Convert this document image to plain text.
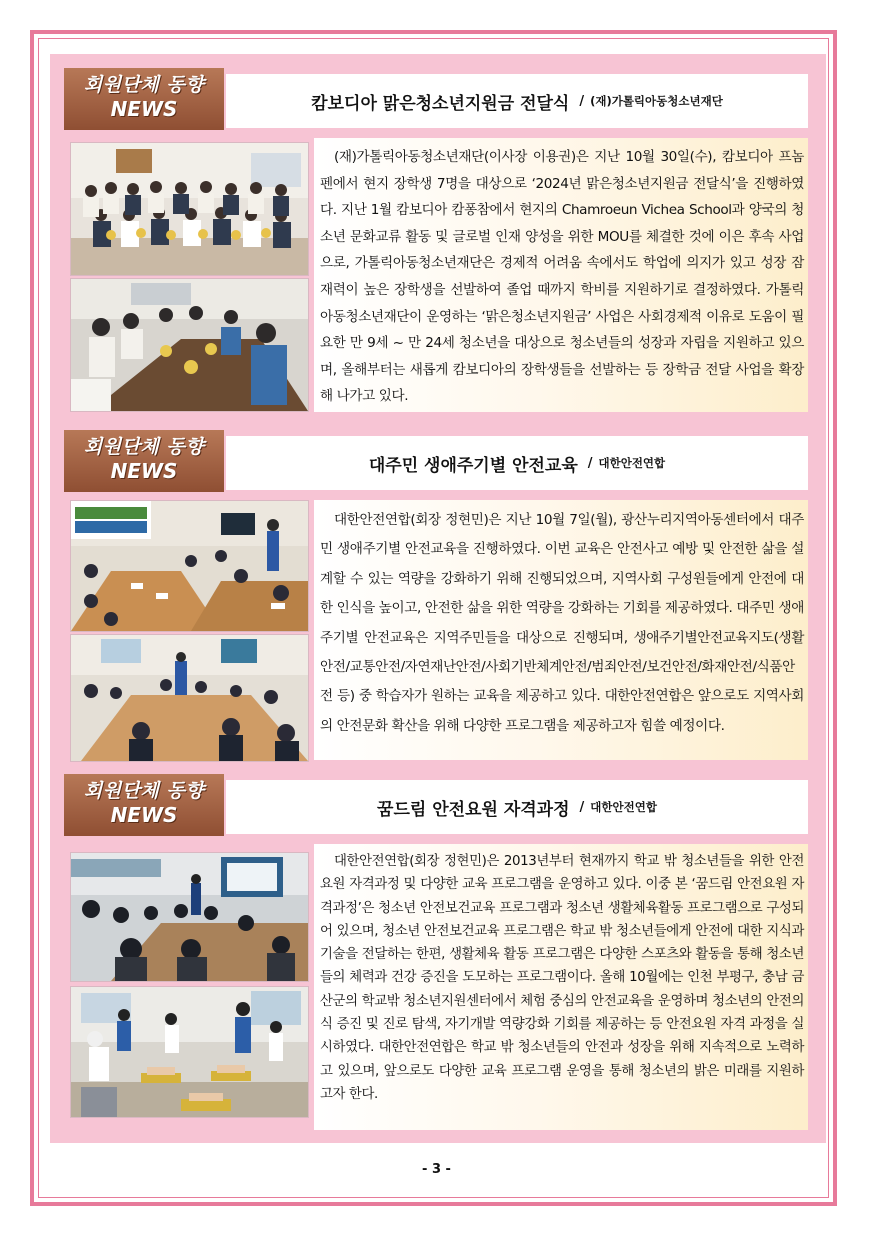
회원단체 동향
NEWS	캄보디아 맑은청소년지원금 전달식 / (재)가톨릭아동청소년재단

(재)가톨릭아동청소년재단(이사장 이용권)은 지난 10월 30일(수), 캄보디아 프놈펜에서 현지 장학생 7명을 대상으로 ‘2024년 맑은청소년지원금 전달식’을 진행하였다. 지난 1월 캄보디아 캄퐁참에서 현지의 Chamroeun Vichea School과 양국의 청소년 문화교류 활동 및 글로벌 인재 양성을 위한 MOU를 체결한 것에 이은 후속 사업으로, 가톨릭아동청소년재단은 경제적 어려움 속에서도 학업에 의지가 있고 성장 잠재력이 높은 장학생을 선발하여 졸업 때까지 학비를 지원하기로 결정하였다. 가톨릭아동청소년재단이 운영하는 ‘맑은청소년지원금’ 사업은 사회경제적 이유로 도움이 필요한 만 9세 ~ 만 24세 청소년을 대상으로 청소년들의 성장과 자립을 지원하고 있으며, 올해부터는 새롭게 캄보디아의 장학생들을 선발하는 등 장학금 전달 사업을 확장해 나가고 있다.

회원단체 동향
NEWS	대주민 생애주기별 안전교육 / 대한안전연합

대한안전연합(회장 정현민)은 지난 10월 7일(월), 광산누리지역아동센터에서 대주민 생애주기별 안전교육을 진행하였다. 이번 교육은 안전사고 예방 및 안전한 삶을 설계할 수 있는 역량을 강화하기 위해 진행되었으며, 지역사회 구성원들에게 안전에 대한 인식을 높이고, 안전한 삶을 위한 역량을 강화하는 기회를 제공하였다. 대주민 생애주기별 안전교육은 지역주민들을 대상으로 진행되며, 생애주기별안전교육지도(생활안전/교통안전/자연재난안전/사회기반체계안전/범죄안전/보건안전/화재안전/식품안전 등) 중 학습자가 원하는 교육을 제공하고 있다. 대한안전연합은 앞으로도 지역사회의 안전문화 확산을 위해 다양한 프로그램을 제공하고자 힘쓸 예정이다.

회원단체 동향
NEWS	꿈드림 안전요원 자격과정 / 대한안전연합

대한안전연합(회장 정현민)은 2013년부터 현재까지 학교 밖 청소년들을 위한 안전요원 자격과정 및 다양한 교육 프로그램을 운영하고 있다. 이중 본 ‘꿈드림 안전요원 자격과정’은 청소년 안전보건교육 프로그램과 청소년 생활체육활동 프로그램으로 구성되어 있으며, 청소년 안전보건교육 프로그램은 학교 밖 청소년들에게 안전에 대한 지식과 기술을 전달하는 한편, 생활체육 활동 프로그램은 다양한 스포츠와 활동을 통해 청소년들의 체력과 건강 증진을 도모하는 프로그램이다. 올해 10월에는 인천 부평구, 충남 금산군의 학교밖 청소년지원센터에서 체험 중심의 안전교육을 운영하며 청소년의 안전의식 증진 및 진로 탐색, 자기개발 역량강화 기회를 제공하는 등 안전요원 자격 과정을 실시하였다. 대한안전연합은 학교 밖 청소년들의 안전과 성장을 위해 지속적으로 노력하고 있으며, 앞으로도 다양한 교육 프로그램 운영을 통해 청소년의 밝은 미래를 지원하고자 한다.

- 3 -
